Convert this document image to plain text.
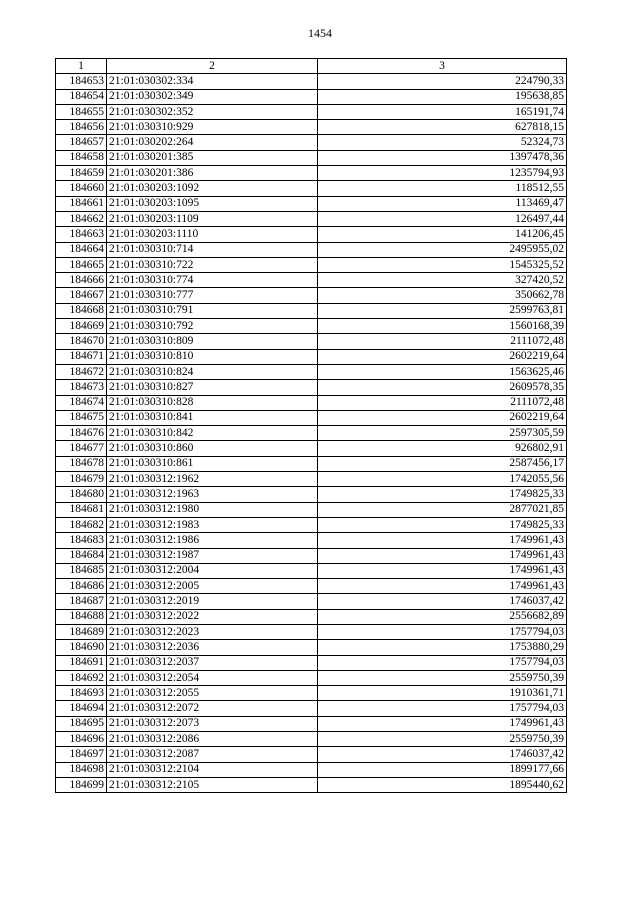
1454
1	2	3
184653	21:01:030302:334	224790,33
184654	21:01:030302:349	195638,85
184655	21:01:030302:352	165191,74
184656	21:01:030310:929	627818,15
184657	21:01:030202:264	52324,73
184658	21:01:030201:385	1397478,36
184659	21:01:030201:386	1235794,93
184660	21:01:030203:1092	118512,55
184661	21:01:030203:1095	113469,47
184662	21:01:030203:1109	126497,44
184663	21:01:030203:1110	141206,45
184664	21:01:030310:714	2495955,02
184665	21:01:030310:722	1545325,52
184666	21:01:030310:774	327420,52
184667	21:01:030310:777	350662,78
184668	21:01:030310:791	2599763,81
184669	21:01:030310:792	1560168,39
184670	21:01:030310:809	2111072,48
184671	21:01:030310:810	2602219,64
184672	21:01:030310:824	1563625,46
184673	21:01:030310:827	2609578,35
184674	21:01:030310:828	2111072,48
184675	21:01:030310:841	2602219,64
184676	21:01:030310:842	2597305,59
184677	21:01:030310:860	926802,91
184678	21:01:030310:861	2587456,17
184679	21:01:030312:1962	1742055,56
184680	21:01:030312:1963	1749825,33
184681	21:01:030312:1980	2877021,85
184682	21:01:030312:1983	1749825,33
184683	21:01:030312:1986	1749961,43
184684	21:01:030312:1987	1749961,43
184685	21:01:030312:2004	1749961,43
184686	21:01:030312:2005	1749961,43
184687	21:01:030312:2019	1746037,42
184688	21:01:030312:2022	2556682,89
184689	21:01:030312:2023	1757794,03
184690	21:01:030312:2036	1753880,29
184691	21:01:030312:2037	1757794,03
184692	21:01:030312:2054	2559750,39
184693	21:01:030312:2055	1910361,71
184694	21:01:030312:2072	1757794,03
184695	21:01:030312:2073	1749961,43
184696	21:01:030312:2086	2559750,39
184697	21:01:030312:2087	1746037,42
184698	21:01:030312:2104	1899177,66
184699	21:01:030312:2105	1895440,62
